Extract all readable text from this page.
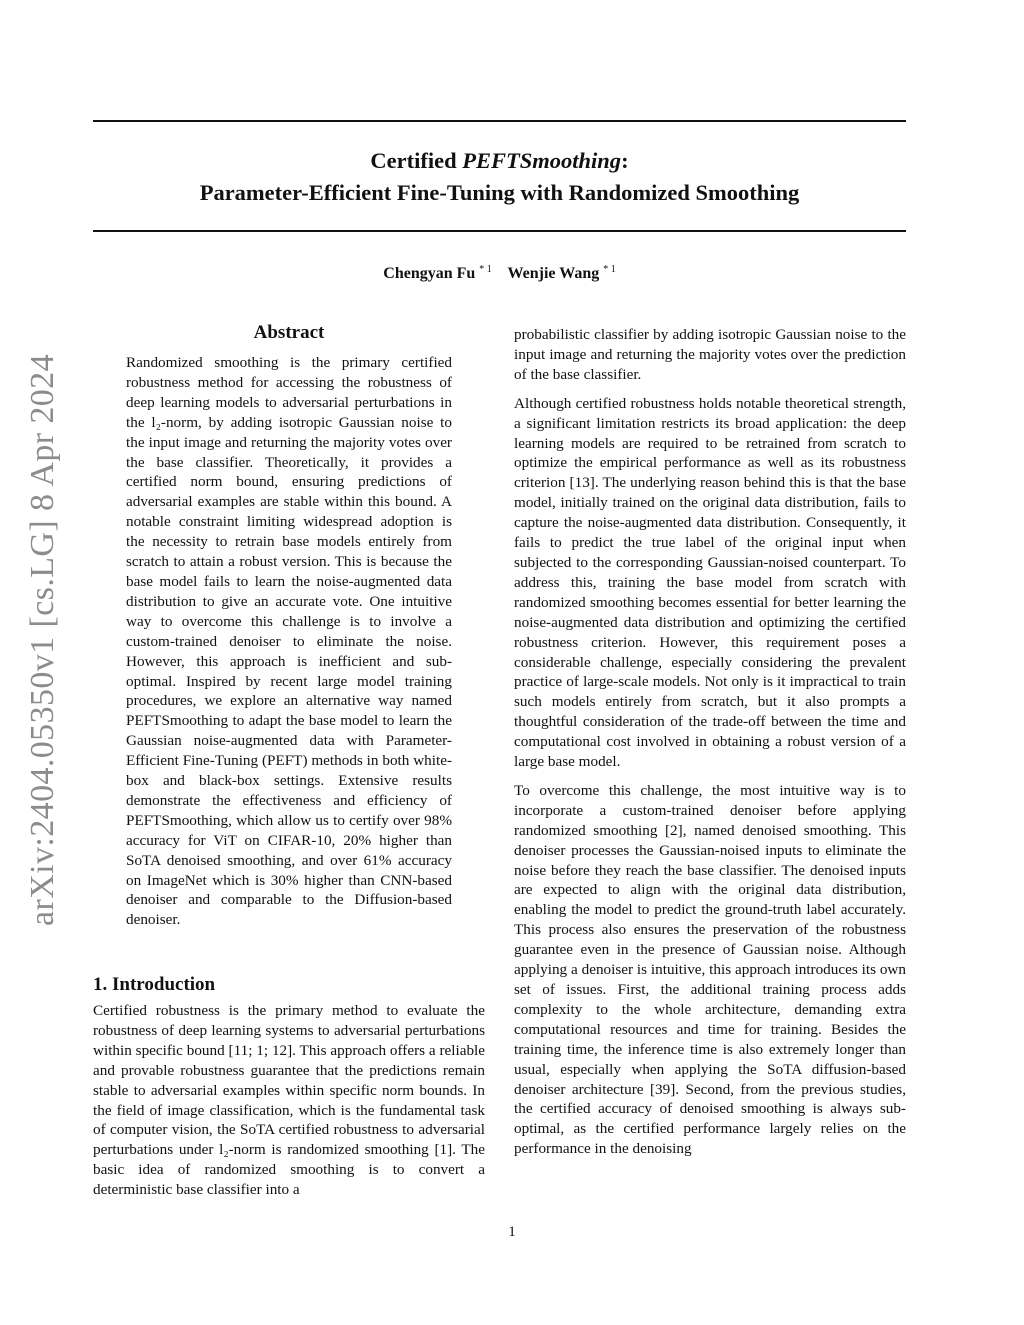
Certified PEFTSmoothing:
Parameter-Efficient Fine-Tuning with Randomized Smoothing
Chengyan Fu $^{* 1}$ Wenjie Wang $^{* 1}$
arXiv:2404.05350v1 [cs.LG] 8 Apr 2024
Abstract

Randomized smoothing is the primary certified robustness method for accessing the robustness of deep learning models to adversarial perturbations in the l₂-norm, by adding isotropic Gaussian noise to the input image and returning the majority votes over the base classifier. Theoretically, it provides a certified norm bound, ensuring predictions of adversarial examples are stable within this bound. A notable constraint limiting widespread adoption is the necessity to retrain base models entirely from scratch to attain a robust version. This is because the base model fails to learn the noise-augmented data distribution to give an accurate vote. One intuitive way to overcome this challenge is to involve a custom-trained denoiser to eliminate the noise. However, this approach is inefficient and sub-optimal. Inspired by recent large model training procedures, we explore an alternative way named PEFTSmoothing to adapt the base model to learn the Gaussian noise-augmented data with Parameter-Efficient Fine-Tuning (PEFT) methods in both white-box and black-box settings. Extensive results demonstrate the effectiveness and efficiency of PEFTSmoothing, which allow us to certify over 98% accuracy for ViT on CIFAR-10, 20% higher than SoTA denoised smoothing, and over 61% accuracy on ImageNet which is 30% higher than CNN-based denoiser and comparable to the Diffusion-based denoiser.

1. Introduction

Certified robustness is the primary method to evaluate the robustness of deep learning systems to adversarial perturbations within specific bound [11; 1; 12]. This approach offers a reliable and provable robustness guarantee that the predictions remain stable to adversarial examples within specific norm bounds. In the field of image classification, which is the fundamental task of computer vision, the SoTA certified robustness to adversarial perturbations under l₂-norm is randomized smoothing [1]. The basic idea of randomized smoothing is to convert a deterministic base classifier into a

probabilistic classifier by adding isotropic Gaussian noise to the input image and returning the majority votes over the prediction of the base classifier.

Although certified robustness holds notable theoretical strength, a significant limitation restricts its broad application: the deep learning models are required to be retrained from scratch to optimize the empirical performance as well as its robustness criterion [13]. The underlying reason behind this is that the base model, initially trained on the original data distribution, fails to capture the noise-augmented data distribution. Consequently, it fails to predict the true label of the original input when subjected to the corresponding Gaussian-noised counterpart. To address this, training the base model from scratch with randomized smoothing becomes essential for better learning the noise-augmented data distribution and optimizing the certified robustness criterion. However, this requirement poses a considerable challenge, especially considering the prevalent practice of large-scale models. Not only is it impractical to train such models entirely from scratch, but it also prompts a thoughtful consideration of the trade-off between the time and computational cost involved in obtaining a robust version of a large base model.

To overcome this challenge, the most intuitive way is to incorporate a custom-trained denoiser before applying randomized smoothing [2], named denoised smoothing. This denoiser processes the Gaussian-noised inputs to eliminate the noise before they reach the base classifier. The denoised inputs are expected to align with the original data distribution, enabling the model to predict the ground-truth label accurately. This process also ensures the preservation of the robustness guarantee even in the presence of Gaussian noise. Although applying a denoiser is intuitive, this approach introduces its own set of issues. First, the additional training process adds complexity to the whole architecture, demanding extra computational resources and time for training. Besides the training time, the inference time is also extremely longer than usual, especially when applying the SoTA diffusion-based denoiser architecture [39]. Second, from the previous studies, the certified accuracy of denoised smoothing is always sub-optimal, as the certified performance largely relies on the performance in the denoising

1
